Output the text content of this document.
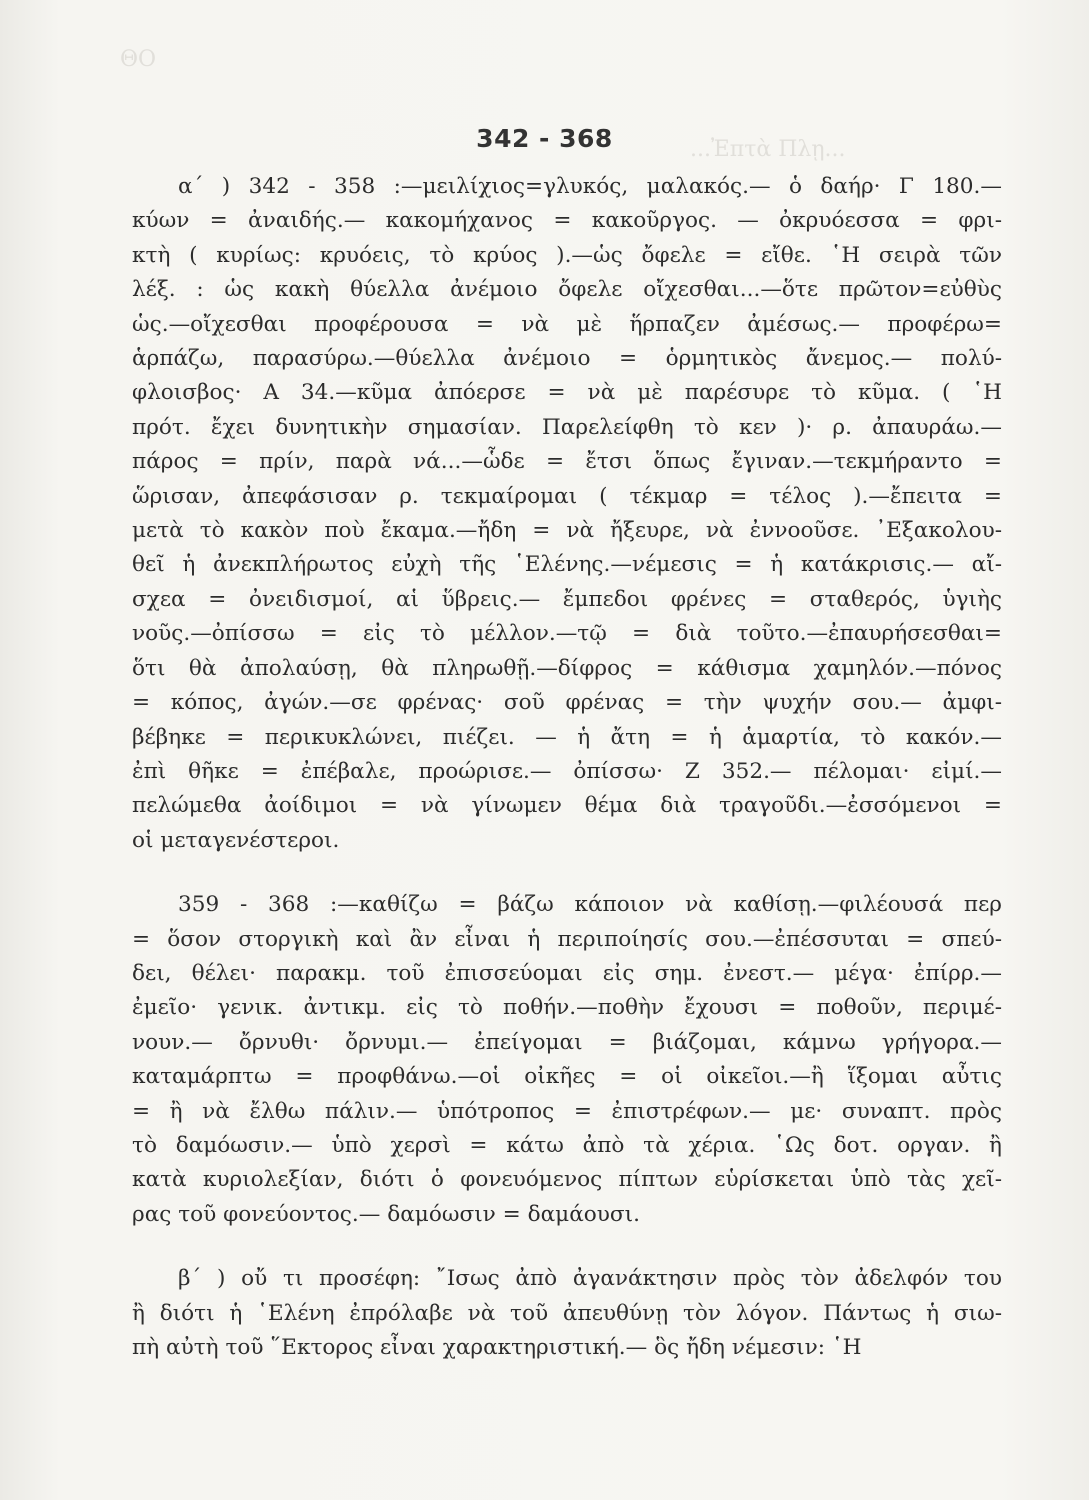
ΘΟ
...Ἐπτὰ Πλῃ...
342 - 368

α΄ ) 342 - 358 :—μειλίχιος=γλυκός, μαλακός.— ὁ δαήρ· Γ 180.—
κύων = ἀναιδής.— κακομήχανος = κακοῦργος. — ὀκρυόεσσα = φρι-
κτὴ ( κυρίως: κρυόεις, τὸ κρύος ).—ὡς ὄφελε = εἴθε. ῾Η σειρὰ τῶν
λέξ. : ὡς κακὴ θύελλα ἀνέμοιο ὄφελε οἴχεσθαι...—ὅτε πρῶτον=εὐθὺς
ὡς.—οἴχεσθαι προφέρουσα = νὰ μὲ ἥρπαζεν ἀμέσως.— προφέρω=
ἁρπάζω, παρασύρω.—θύελλα ἀνέμοιο = ὁρμητικὸς ἄνεμος.— πολύ-
φλοισβος· Α 34.—κῦμα ἀπόερσε = νὰ μὲ παρέσυρε τὸ κῦμα. ( ῾Η
πρότ. ἔχει δυνητικὴν σημασίαν. Παρελείφθη τὸ κεν )· ρ. ἀπαυράω.—
πάρος = πρίν, παρὰ νά...—ὧδε = ἔτσι ὅπως ἔγιναν.—τεκμήραντο =
ὥρισαν, ἀπεφάσισαν ρ. τεκμαίρομαι ( τέκμαρ = τέλος ).—ἔπειτα =
μετὰ τὸ κακὸν ποὺ ἔκαμα.—ἤδη = νὰ ἤξευρε, νὰ ἐννοοῦσε. ᾿Εξακολου-
θεῖ ἡ ἀνεκπλήρωτος εὐχὴ τῆς ῾Ελένης.—νέμεσις = ἡ κατάκρισις.— αἴ-
σχεα = ὀνειδισμοί, αἱ ὕβρεις.— ἔμπεδοι φρένες = σταθερός, ὑγιὴς
νοῦς.—ὀπίσσω = εἰς τὸ μέλλον.—τῷ = διὰ τοῦτο.—ἐπαυρήσεσθαι=
ὅτι θὰ ἀπολαύσῃ, θὰ πληρωθῇ.—δίφρος = κάθισμα χαμηλόν.—πόνος
= κόπος, ἀγών.—σε φρένας· σοῦ φρένας = τὴν ψυχήν σου.— ἀμφι-
βέβηκε = περικυκλώνει, πιέζει. — ἡ ἄτη = ἡ ἁμαρτία, τὸ κακόν.—
ἐπὶ θῆκε = ἐπέβαλε, προώρισε.— ὀπίσσω· Ζ 352.— πέλομαι· εἰμί.—
πελώμεθα ἀοίδιμοι = νὰ γίνωμεν θέμα διὰ τραγοῦδι.—ἐσσόμενοι =
οἱ μεταγενέστεροι.

359 - 368 :—καθίζω = βάζω κάποιον νὰ καθίσῃ.—φιλέουσά περ
= ὅσον στοργικὴ καὶ ἂν εἶναι ἡ περιποίησίς σου.—ἐπέσσυται = σπεύ-
δει, θέλει· παρακμ. τοῦ ἐπισσεύομαι εἰς σημ. ἐνεστ.— μέγα· ἐπίρρ.—
ἐμεῖο· γενικ. ἀντικμ. εἰς τὸ ποθήν.—ποθὴν ἔχουσι = ποθοῦν, περιμέ-
νουν.— ὄρνυθι· ὄρνυμι.— ἐπείγομαι = βιάζομαι, κάμνω γρήγορα.—
καταμάρπτω = προφθάνω.—οἱ οἰκῆες = οἱ οἰκεῖοι.—ἢ ἵξομαι αὖτις
= ἢ νὰ ἔλθω πάλιν.— ὑπότροπος = ἐπιστρέφων.— με· συναπτ. πρὸς
τὸ δαμόωσιν.— ὑπὸ χερσὶ = κάτω ἀπὸ τὰ χέρια. ῾Ως δοτ. οργαν. ἢ
κατὰ κυριολεξίαν, διότι ὁ φονευόμενος πίπτων εὑρίσκεται ὑπὸ τὰς χεῖ-
ρας τοῦ φονεύοντος.— δαμόωσιν = δαμάουσι.

β΄ ) οὔ τι προσέφη: ῎Ισως ἀπὸ ἀγανάκτησιν πρὸς τὸν ἀδελφόν του
ἢ διότι ἡ ῾Ελένη ἐπρόλαβε νὰ τοῦ ἀπευθύνῃ τὸν λόγον. Πάντως ἡ σιω-
πὴ αὐτὴ τοῦ ῞Εκτορος εἶναι χαρακτηριστική.— ὃς ἤδη νέμεσιν: ῾Η
